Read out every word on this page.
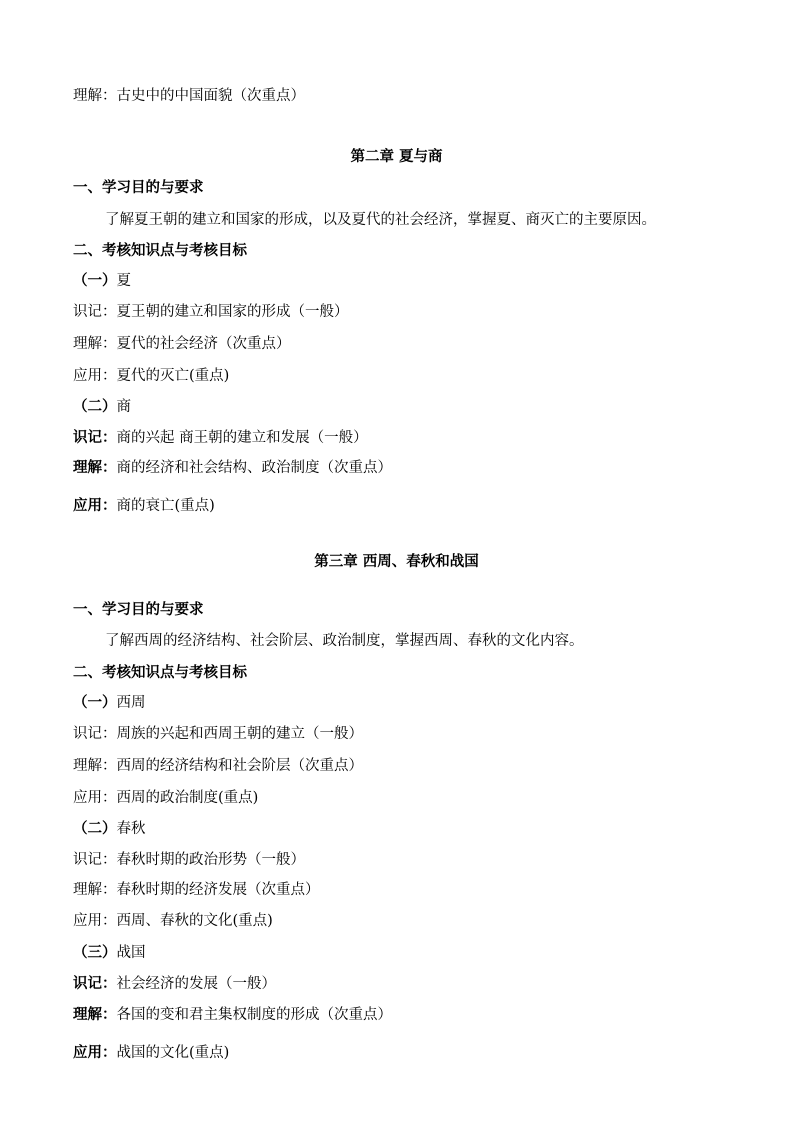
理解：古史中的中国面貌（次重点）
第二章 夏与商
一、学习目的与要求
了解夏王朝的建立和国家的形成，以及夏代的社会经济，掌握夏、商灭亡的主要原因。
二、考核知识点与考核目标
（一）夏
识记：夏王朝的建立和国家的形成（一般）
理解：夏代的社会经济（次重点）
应用：夏代的灭亡(重点)
（二）商
识记：商的兴起 商王朝的建立和发展（一般）
理解：商的经济和社会结构、政治制度（次重点）
应用：商的衰亡(重点)
第三章 西周、春秋和战国
一、学习目的与要求
了解西周的经济结构、社会阶层、政治制度，掌握西周、春秋的文化内容。
二、考核知识点与考核目标
（一）西周
识记：周族的兴起和西周王朝的建立（一般）
理解：西周的经济结构和社会阶层（次重点）
应用：西周的政治制度(重点)
（二）春秋
识记：春秋时期的政治形势（一般）
理解：春秋时期的经济发展（次重点）
应用：西周、春秋的文化(重点)
（三）战国
识记：社会经济的发展（一般）
理解：各国的变和君主集权制度的形成（次重点）
应用：战国的文化(重点)
